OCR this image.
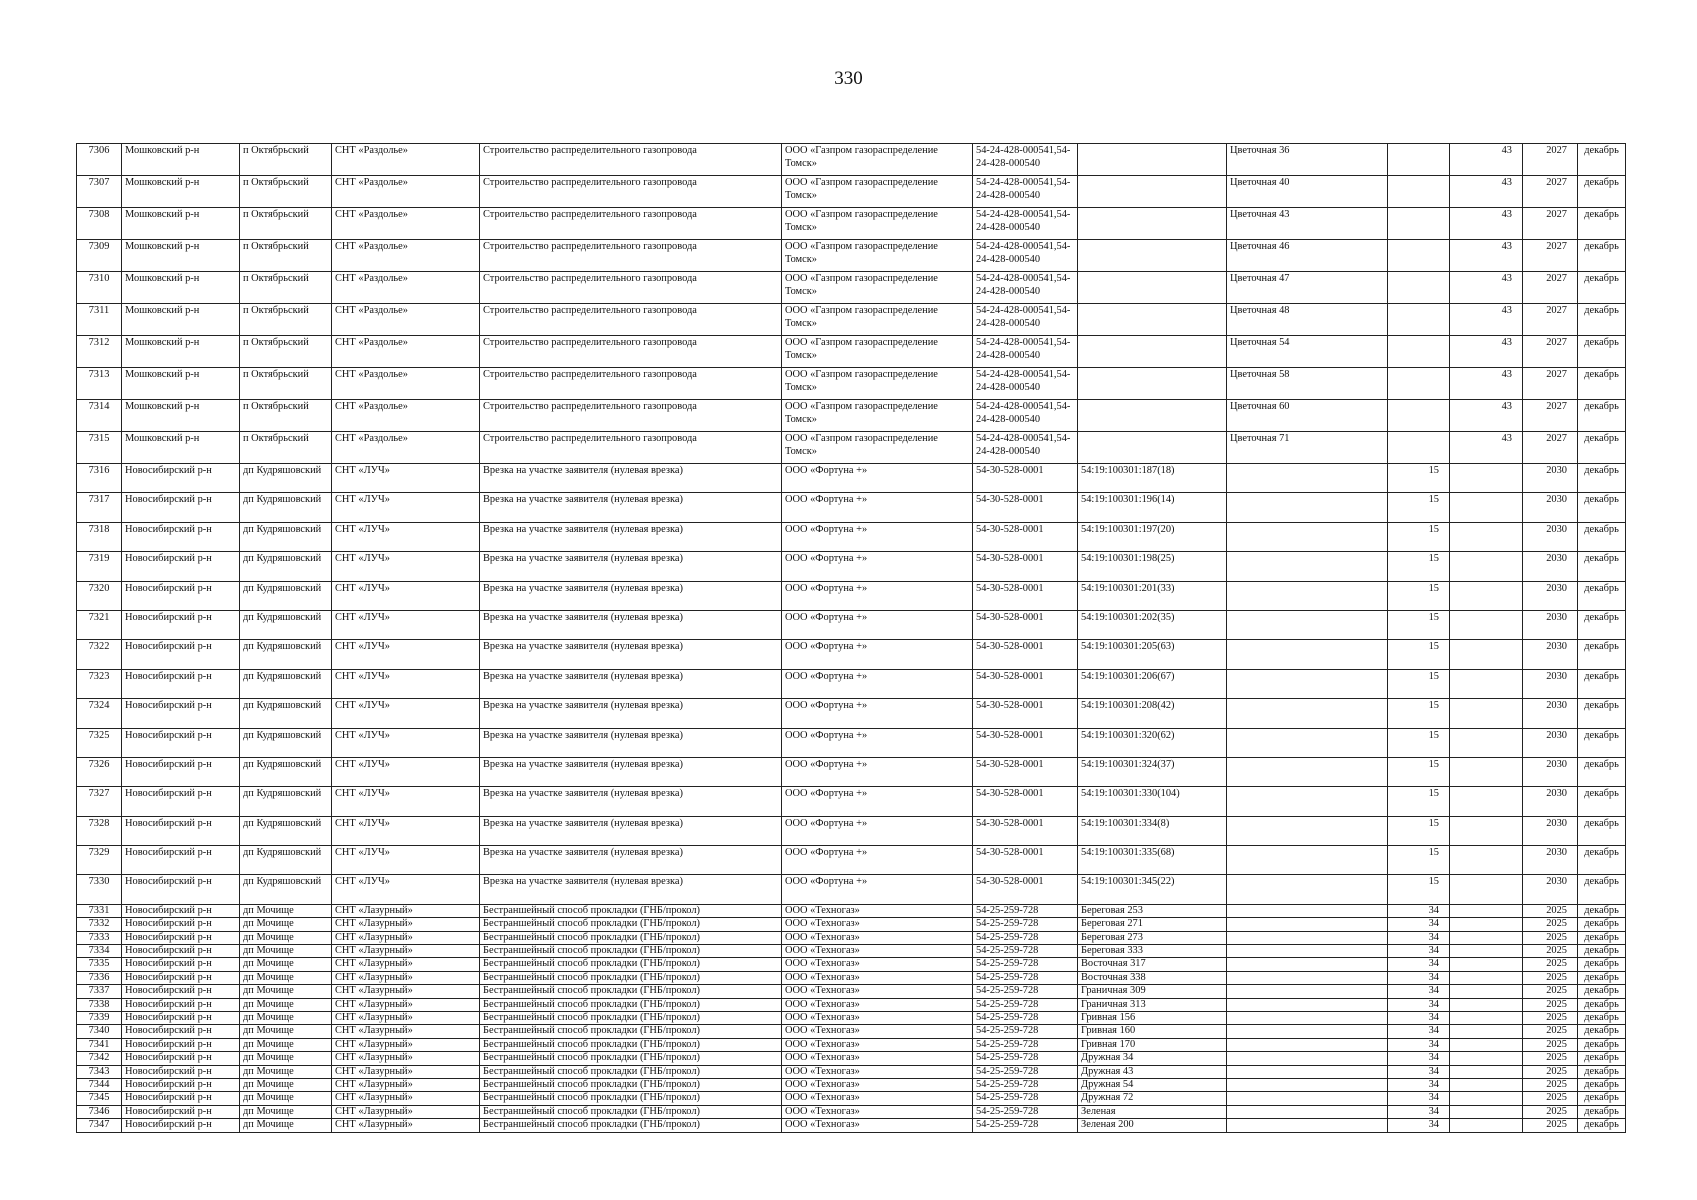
330
7306	Мошковский р-н	п Октябрьский	СНТ «Раздолье»	Строительство распределительного газопровода	ООО «Газпром газораспределение Томск»	54-24-428-000541,54-24-428-000540		Цветочная 36		43	2027	декабрь
7307	Мошковский р-н	п Октябрьский	СНТ «Раздолье»	Строительство распределительного газопровода	ООО «Газпром газораспределение Томск»	54-24-428-000541,54-24-428-000540		Цветочная 40		43	2027	декабрь
7308	Мошковский р-н	п Октябрьский	СНТ «Раздолье»	Строительство распределительного газопровода	ООО «Газпром газораспределение Томск»	54-24-428-000541,54-24-428-000540		Цветочная 43		43	2027	декабрь
7309	Мошковский р-н	п Октябрьский	СНТ «Раздолье»	Строительство распределительного газопровода	ООО «Газпром газораспределение Томск»	54-24-428-000541,54-24-428-000540		Цветочная 46		43	2027	декабрь
7310	Мошковский р-н	п Октябрьский	СНТ «Раздолье»	Строительство распределительного газопровода	ООО «Газпром газораспределение Томск»	54-24-428-000541,54-24-428-000540		Цветочная 47		43	2027	декабрь
7311	Мошковский р-н	п Октябрьский	СНТ «Раздолье»	Строительство распределительного газопровода	ООО «Газпром газораспределение Томск»	54-24-428-000541,54-24-428-000540		Цветочная 48		43	2027	декабрь
7312	Мошковский р-н	п Октябрьский	СНТ «Раздолье»	Строительство распределительного газопровода	ООО «Газпром газораспределение Томск»	54-24-428-000541,54-24-428-000540		Цветочная 54		43	2027	декабрь
7313	Мошковский р-н	п Октябрьский	СНТ «Раздолье»	Строительство распределительного газопровода	ООО «Газпром газораспределение Томск»	54-24-428-000541,54-24-428-000540		Цветочная 58		43	2027	декабрь
7314	Мошковский р-н	п Октябрьский	СНТ «Раздолье»	Строительство распределительного газопровода	ООО «Газпром газораспределение Томск»	54-24-428-000541,54-24-428-000540		Цветочная 60		43	2027	декабрь
7315	Мошковский р-н	п Октябрьский	СНТ «Раздолье»	Строительство распределительного газопровода	ООО «Газпром газораспределение Томск»	54-24-428-000541,54-24-428-000540		Цветочная 71		43	2027	декабрь
7316	Новосибирский р-н	дп Кудряшовский	СНТ «ЛУЧ»	Врезка на участке заявителя (нулевая врезка)	ООО «Фортуна +»	54-30-528-0001	54:19:100301:187(18)		15		2030	декабрь
7317	Новосибирский р-н	дп Кудряшовский	СНТ «ЛУЧ»	Врезка на участке заявителя (нулевая врезка)	ООО «Фортуна +»	54-30-528-0001	54:19:100301:196(14)		15		2030	декабрь
7318	Новосибирский р-н	дп Кудряшовский	СНТ «ЛУЧ»	Врезка на участке заявителя (нулевая врезка)	ООО «Фортуна +»	54-30-528-0001	54:19:100301:197(20)		15		2030	декабрь
7319	Новосибирский р-н	дп Кудряшовский	СНТ «ЛУЧ»	Врезка на участке заявителя (нулевая врезка)	ООО «Фортуна +»	54-30-528-0001	54:19:100301:198(25)		15		2030	декабрь
7320	Новосибирский р-н	дп Кудряшовский	СНТ «ЛУЧ»	Врезка на участке заявителя (нулевая врезка)	ООО «Фортуна +»	54-30-528-0001	54:19:100301:201(33)		15		2030	декабрь
7321	Новосибирский р-н	дп Кудряшовский	СНТ «ЛУЧ»	Врезка на участке заявителя (нулевая врезка)	ООО «Фортуна +»	54-30-528-0001	54:19:100301:202(35)		15		2030	декабрь
7322	Новосибирский р-н	дп Кудряшовский	СНТ «ЛУЧ»	Врезка на участке заявителя (нулевая врезка)	ООО «Фортуна +»	54-30-528-0001	54:19:100301:205(63)		15		2030	декабрь
7323	Новосибирский р-н	дп Кудряшовский	СНТ «ЛУЧ»	Врезка на участке заявителя (нулевая врезка)	ООО «Фортуна +»	54-30-528-0001	54:19:100301:206(67)		15		2030	декабрь
7324	Новосибирский р-н	дп Кудряшовский	СНТ «ЛУЧ»	Врезка на участке заявителя (нулевая врезка)	ООО «Фортуна +»	54-30-528-0001	54:19:100301:208(42)		15		2030	декабрь
7325	Новосибирский р-н	дп Кудряшовский	СНТ «ЛУЧ»	Врезка на участке заявителя (нулевая врезка)	ООО «Фортуна +»	54-30-528-0001	54:19:100301:320(62)		15		2030	декабрь
7326	Новосибирский р-н	дп Кудряшовский	СНТ «ЛУЧ»	Врезка на участке заявителя (нулевая врезка)	ООО «Фортуна +»	54-30-528-0001	54:19:100301:324(37)		15		2030	декабрь
7327	Новосибирский р-н	дп Кудряшовский	СНТ «ЛУЧ»	Врезка на участке заявителя (нулевая врезка)	ООО «Фортуна +»	54-30-528-0001	54:19:100301:330(104)		15		2030	декабрь
7328	Новосибирский р-н	дп Кудряшовский	СНТ «ЛУЧ»	Врезка на участке заявителя (нулевая врезка)	ООО «Фортуна +»	54-30-528-0001	54:19:100301:334(8)		15		2030	декабрь
7329	Новосибирский р-н	дп Кудряшовский	СНТ «ЛУЧ»	Врезка на участке заявителя (нулевая врезка)	ООО «Фортуна +»	54-30-528-0001	54:19:100301:335(68)		15		2030	декабрь
7330	Новосибирский р-н	дп Кудряшовский	СНТ «ЛУЧ»	Врезка на участке заявителя (нулевая врезка)	ООО «Фортуна +»	54-30-528-0001	54:19:100301:345(22)		15		2030	декабрь
7331	Новосибирский р-н	дп Мочище	СНТ «Лазурный»	Бестраншейный способ прокладки (ГНБ/прокол)	ООО «Техногаз»	54-25-259-728	Береговая 253		34		2025	декабрь
7332	Новосибирский р-н	дп Мочище	СНТ «Лазурный»	Бестраншейный способ прокладки (ГНБ/прокол)	ООО «Техногаз»	54-25-259-728	Береговая 271		34		2025	декабрь
7333	Новосибирский р-н	дп Мочище	СНТ «Лазурный»	Бестраншейный способ прокладки (ГНБ/прокол)	ООО «Техногаз»	54-25-259-728	Береговая 273		34		2025	декабрь
7334	Новосибирский р-н	дп Мочище	СНТ «Лазурный»	Бестраншейный способ прокладки (ГНБ/прокол)	ООО «Техногаз»	54-25-259-728	Береговая 333		34		2025	декабрь
7335	Новосибирский р-н	дп Мочище	СНТ «Лазурный»	Бестраншейный способ прокладки (ГНБ/прокол)	ООО «Техногаз»	54-25-259-728	Восточная 317		34		2025	декабрь
7336	Новосибирский р-н	дп Мочище	СНТ «Лазурный»	Бестраншейный способ прокладки (ГНБ/прокол)	ООО «Техногаз»	54-25-259-728	Восточная 338		34		2025	декабрь
7337	Новосибирский р-н	дп Мочище	СНТ «Лазурный»	Бестраншейный способ прокладки (ГНБ/прокол)	ООО «Техногаз»	54-25-259-728	Граничная 309		34		2025	декабрь
7338	Новосибирский р-н	дп Мочище	СНТ «Лазурный»	Бестраншейный способ прокладки (ГНБ/прокол)	ООО «Техногаз»	54-25-259-728	Граничная 313		34		2025	декабрь
7339	Новосибирский р-н	дп Мочище	СНТ «Лазурный»	Бестраншейный способ прокладки (ГНБ/прокол)	ООО «Техногаз»	54-25-259-728	Гривная 156		34		2025	декабрь
7340	Новосибирский р-н	дп Мочище	СНТ «Лазурный»	Бестраншейный способ прокладки (ГНБ/прокол)	ООО «Техногаз»	54-25-259-728	Гривная 160		34		2025	декабрь
7341	Новосибирский р-н	дп Мочище	СНТ «Лазурный»	Бестраншейный способ прокладки (ГНБ/прокол)	ООО «Техногаз»	54-25-259-728	Гривная 170		34		2025	декабрь
7342	Новосибирский р-н	дп Мочище	СНТ «Лазурный»	Бестраншейный способ прокладки (ГНБ/прокол)	ООО «Техногаз»	54-25-259-728	Дружная 34		34		2025	декабрь
7343	Новосибирский р-н	дп Мочище	СНТ «Лазурный»	Бестраншейный способ прокладки (ГНБ/прокол)	ООО «Техногаз»	54-25-259-728	Дружная 43		34		2025	декабрь
7344	Новосибирский р-н	дп Мочище	СНТ «Лазурный»	Бестраншейный способ прокладки (ГНБ/прокол)	ООО «Техногаз»	54-25-259-728	Дружная 54		34		2025	декабрь
7345	Новосибирский р-н	дп Мочище	СНТ «Лазурный»	Бестраншейный способ прокладки (ГНБ/прокол)	ООО «Техногаз»	54-25-259-728	Дружная 72		34		2025	декабрь
7346	Новосибирский р-н	дп Мочище	СНТ «Лазурный»	Бестраншейный способ прокладки (ГНБ/прокол)	ООО «Техногаз»	54-25-259-728	Зеленая		34		2025	декабрь
7347	Новосибирский р-н	дп Мочище	СНТ «Лазурный»	Бестраншейный способ прокладки (ГНБ/прокол)	ООО «Техногаз»	54-25-259-728	Зеленая 200		34		2025	декабрь
